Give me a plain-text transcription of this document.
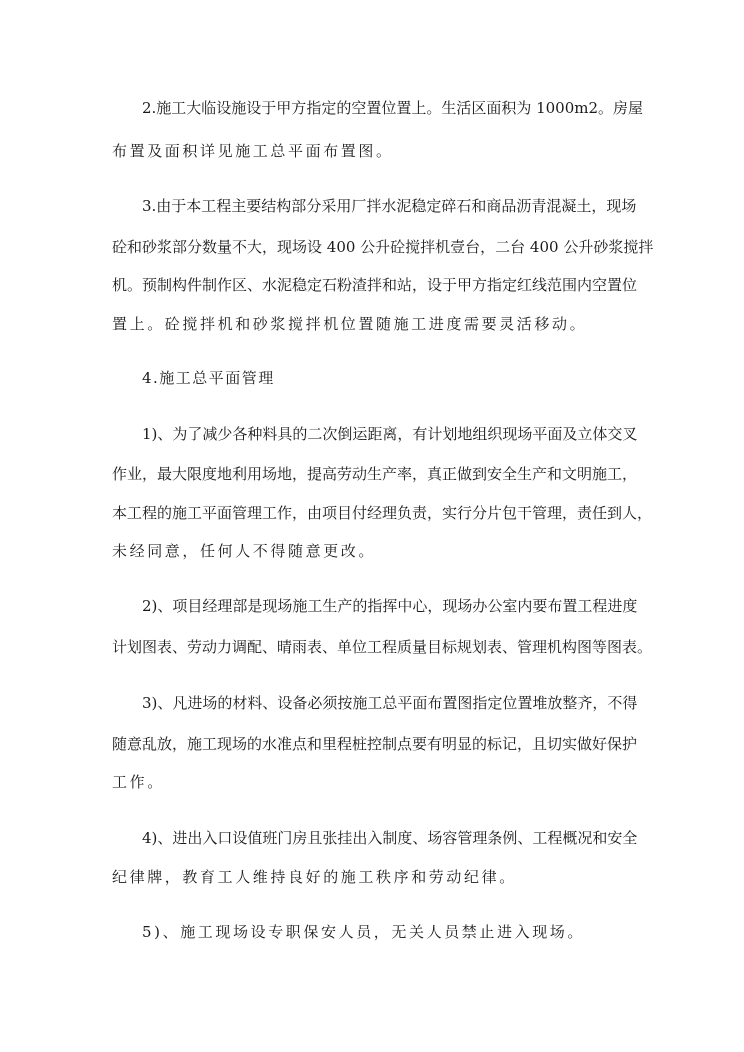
2.施工大临设施设于甲方指定的空置位置上。生活区面积为 1000m2。房屋
布置及面积详见施工总平面布置图。
3.由于本工程主要结构部分采用厂拌水泥稳定碎石和商品沥青混凝土，现场
砼和砂浆部分数量不大，现场设 400 公升砼搅拌机壹台，二台 400 公升砂浆搅拌
机。预制构件制作区、水泥稳定石粉渣拌和站，设于甲方指定红线范围内空置位
置上。砼搅拌机和砂浆搅拌机位置随施工进度需要灵活移动。
4.施工总平面管理
1)、为了减少各种料具的二次倒运距离，有计划地组织现场平面及立体交叉
作业，最大限度地利用场地，提高劳动生产率，真正做到安全生产和文明施工，
本工程的施工平面管理工作，由项目付经理负责，实行分片包干管理，责任到人，
未经同意，任何人不得随意更改。
2)、项目经理部是现场施工生产的指挥中心，现场办公室内要布置工程进度
计划图表、劳动力调配、晴雨表、单位工程质量目标规划表、管理机构图等图表。
3)、凡进场的材料、设备必须按施工总平面布置图指定位置堆放整齐，不得
随意乱放，施工现场的水准点和里程桩控制点要有明显的标记，且切实做好保护
工作。
4)、进出入口设值班门房且张挂出入制度、场容管理条例、工程概况和安全
纪律牌，教育工人维持良好的施工秩序和劳动纪律。
5)、施工现场设专职保安人员，无关人员禁止进入现场。
